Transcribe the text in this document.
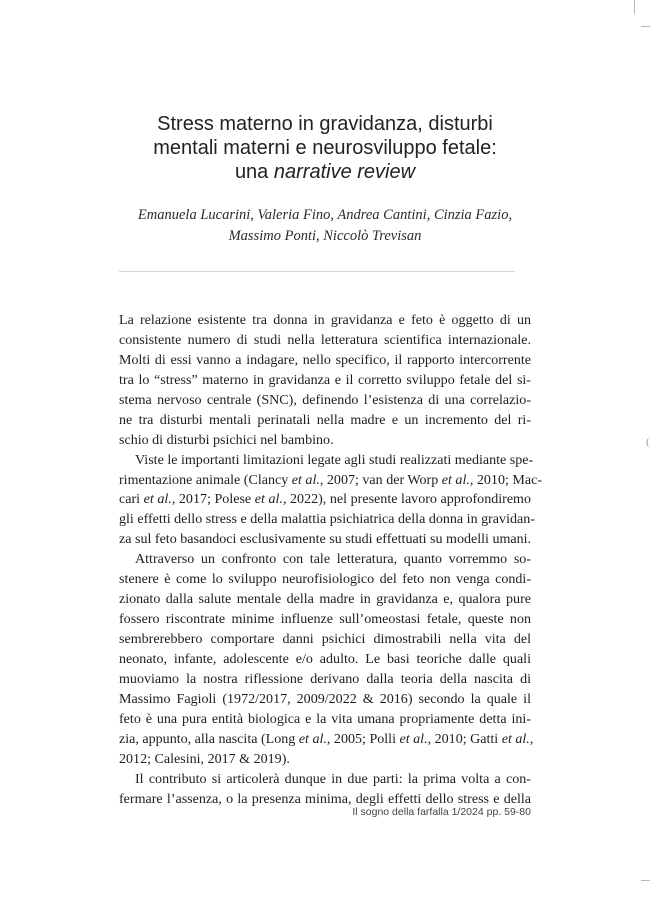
(
Stress materno in gravidanza, disturbi
mentali materni e neurosviluppo fetale:
una narrative review
Emanuela Lucarini, Valeria Fino, Andrea Cantini, Cinzia Fazio,
Massimo Ponti, Niccolò Trevisan
La relazione esistente tra donna in gravidanza e feto è oggetto di un
consistente numero di studi nella letteratura scientifica internazionale.
Molti di essi vanno a indagare, nello specifico, il rapporto intercorrente
tra lo “stress” materno in gravidanza e il corretto sviluppo fetale del si-
stema nervoso centrale (SNC), definendo l’esistenza di una correlazio-
ne tra disturbi mentali perinatali nella madre e un incremento del ri-
schio di disturbi psichici nel bambino.
Viste le importanti limitazioni legate agli studi realizzati mediante spe-
rimentazione animale (Clancy et al., 2007; van der Worp et al., 2010; Mac-
cari et al., 2017; Polese et al., 2022), nel presente lavoro approfondiremo
gli effetti dello stress e della malattia psichiatrica della donna in gravidan-
za sul feto basandoci esclusivamente su studi effettuati su modelli umani.
Attraverso un confronto con tale letteratura, quanto vorremmo so-
stenere è come lo sviluppo neurofisiologico del feto non venga condi-
zionato dalla salute mentale della madre in gravidanza e, qualora pure
fossero riscontrate minime influenze sull’omeostasi fetale, queste non
sembrerebbero comportare danni psichici dimostrabili nella vita del
neonato, infante, adolescente e/o adulto. Le basi teoriche dalle quali
muoviamo la nostra riflessione derivano dalla teoria della nascita di
Massimo Fagioli (1972/2017, 2009/2022 & 2016) secondo la quale il
feto è una pura entità biologica e la vita umana propriamente detta ini-
zia, appunto, alla nascita (Long et al., 2005; Polli et al., 2010; Gatti et al.,
2012; Calesini, 2017 & 2019).
Il contributo si articolerà dunque in due parti: la prima volta a con-
fermare l’assenza, o la presenza minima, degli effetti dello stress e della
Il sogno della farfalla 1/2024 pp. 59-80
